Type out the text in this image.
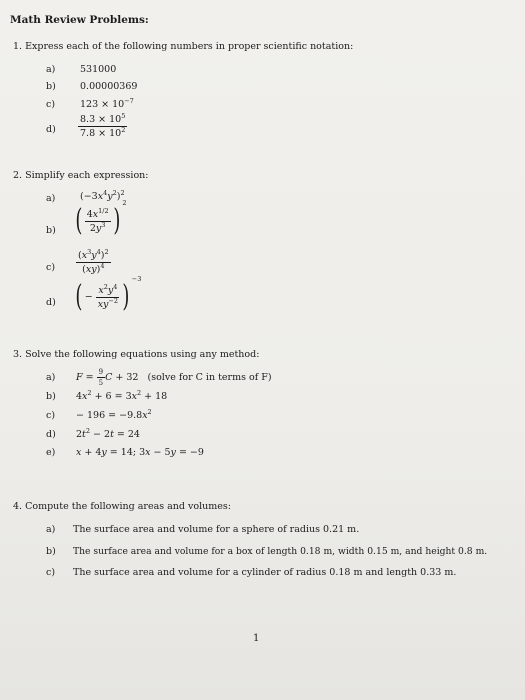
Math Review Problems:
1. Express each of the following numbers in proper scientific notation:
a)	531000
b)	0.00000369
c)	$123 \times 10^{-7}$
$d) \frac{8.3 \times 10^5}{7.8 \times 10^2}$
2. Simplify each expression:
a)	$(-3x^4y^2)^2$
b) ( $\frac{4x^{1/2}}{2y^3}$ ) $^2$
$c) \frac{(x^3y^4)^2}{(xy)^4}$
d) ( − $\frac{x^2y^4}{xy^{-2}}$ ) $^{-3}$
3. Solve the following equations using any method:
a) $F = \frac{9}{5}$ C + 32   (solve for C in terms of F)
b) $4x^2 + 6 = 3x^2 + 18$
$c) - 196 = -9.8x^2$
d) $2t^2 - 2t = 24$
e) x + 4y = 14; 3x − 5y = −9
4. Compute the following areas and volumes:
a) The surface area and volume for a sphere of radius 0.21 m.
b) The surface area and volume for a box of length 0.18 m, width 0.15 m, and height 0.8 m.
c) The surface area and volume for a cylinder of radius 0.18 m and length 0.33 m.
1
